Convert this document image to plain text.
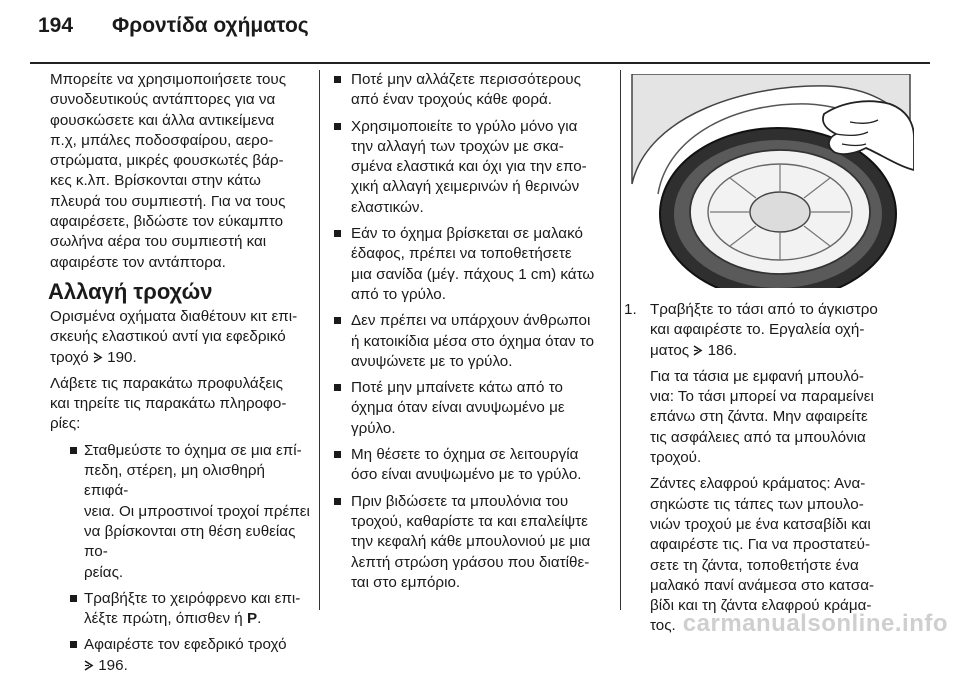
194 Φροντίδα οχήματος

Μπορείτε να χρησιμοποιήσετε τους
συνοδευτικούς αντάπτορες για να
φουσκώσετε και άλλα αντικείμενα
π.χ, μπάλες ποδοσφαίρου, αερο-
στρώματα, μικρές φουσκωτές βάρ-
κες κ.λπ. Βρίσκονται στην κάτω
πλευρά του συμπιεστή. Για να τους
αφαιρέσετε, βιδώστε τον εύκαμπτο
σωλήνα αέρα του συμπιεστή και
αφαιρέστε τον αντάπτορα.

Αλλαγή τροχών

Ορισμένα οχήματα διαθέτουν κιτ επι-
σκευής ελαστικού αντί για εφεδρικό
τροχό 190.

Λάβετε τις παρακάτω προφυλάξεις
και τηρείτε τις παρακάτω πληροφο-
ρίες:

Σταθμεύστε το όχημα σε μια επί-
πεδη, στέρεη, μη ολισθηρή επιφά-
νεια. Οι μπροστινοί τροχοί πρέπει
να βρίσκονται στη θέση ευθείας πο-
ρείας.
Τραβήξτε το χειρόφρενο και επι-
λέξτε πρώτη, όπισθεν ή P.
Αφαιρέστε τον εφεδρικό τροχό
196.
Ποτέ μην αλλάζετε περισσότερους
από έναν τροχούς κάθε φορά.
Χρησιμοποιείτε το γρύλο μόνο για
την αλλαγή των τροχών με σκα-
σμένα ελαστικά και όχι για την επο-
χική αλλαγή χειμερινών ή θερινών
ελαστικών.
Εάν το όχημα βρίσκεται σε μαλακό
έδαφος, πρέπει να τοποθετήσετε
μια σανίδα (μέγ. πάχους 1 cm) κάτω
από το γρύλο.
Δεν πρέπει να υπάρχουν άνθρωποι
ή κατοικίδια μέσα στο όχημα όταν το
ανυψώνετε με το γρύλο.
Ποτέ μην μπαίνετε κάτω από το
όχημα όταν είναι ανυψωμένο με
γρύλο.
Μη θέσετε το όχημα σε λειτουργία
όσο είναι ανυψωμένο με το γρύλο.
Πριν βιδώσετε τα μπουλόνια του
τροχού, καθαρίστε τα και επαλείψτε
την κεφαλή κάθε μπουλονιού με μια
λεπτή στρώση γράσου που διατίθε-
ται στο εμπόριο.
1. Τραβήξτε το τάσι από το άγκιστρο
και αφαιρέστε το. Εργαλεία οχή-
ματος 186.

Για τα τάσια με εμφανή μπουλό-
νια: Το τάσι μπορεί να παραμείνει
επάνω στη ζάντα. Μην αφαιρείτε
τις ασφάλειες από τα μπουλόνια
τροχού.

Ζάντες ελαφρού κράματος: Ανα-
σηκώστε τις τάπες των μπουλο-
νιών τροχού με ένα κατσαβίδι και
αφαιρέστε τις. Για να προστατεύ-
σετε τη ζάντα, τοποθετήστε ένα
μαλακό πανί ανάμεσα στο κατσα-
βίδι και τη ζάντα ελαφρού κράμα-
τος. carmanualsonline.info
